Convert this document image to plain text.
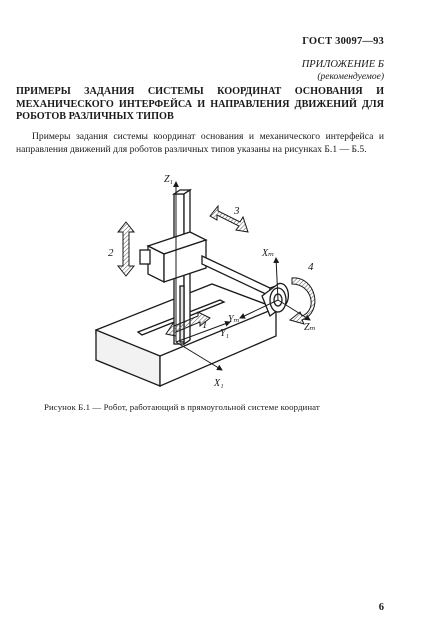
ГОСТ 30097—93
ПРИЛОЖЕНИЕ Б
(рекомендуемое)
ПРИМЕРЫ ЗАДАНИЯ СИСТЕМЫ КООРДИНАТ ОСНОВАНИЯ И МЕХАНИЧЕСКОГО ИНТЕРФЕЙСА И НАПРАВЛЕНИЯ ДВИЖЕНИЙ ДЛЯ РОБОТОВ РАЗЛИЧНЫХ ТИПОВ
Примеры задания системы координат основания и механического интерфейса и направления движений для роботов различных типов указаны на рисунках Б.1 — Б.5.
Z₁
X₁
Y₁
Xₘ
Yₘ
Zₘ
1
2
3
4
Рисунок Б.1 — Робот, работающий в прямоугольной системе координат
6
